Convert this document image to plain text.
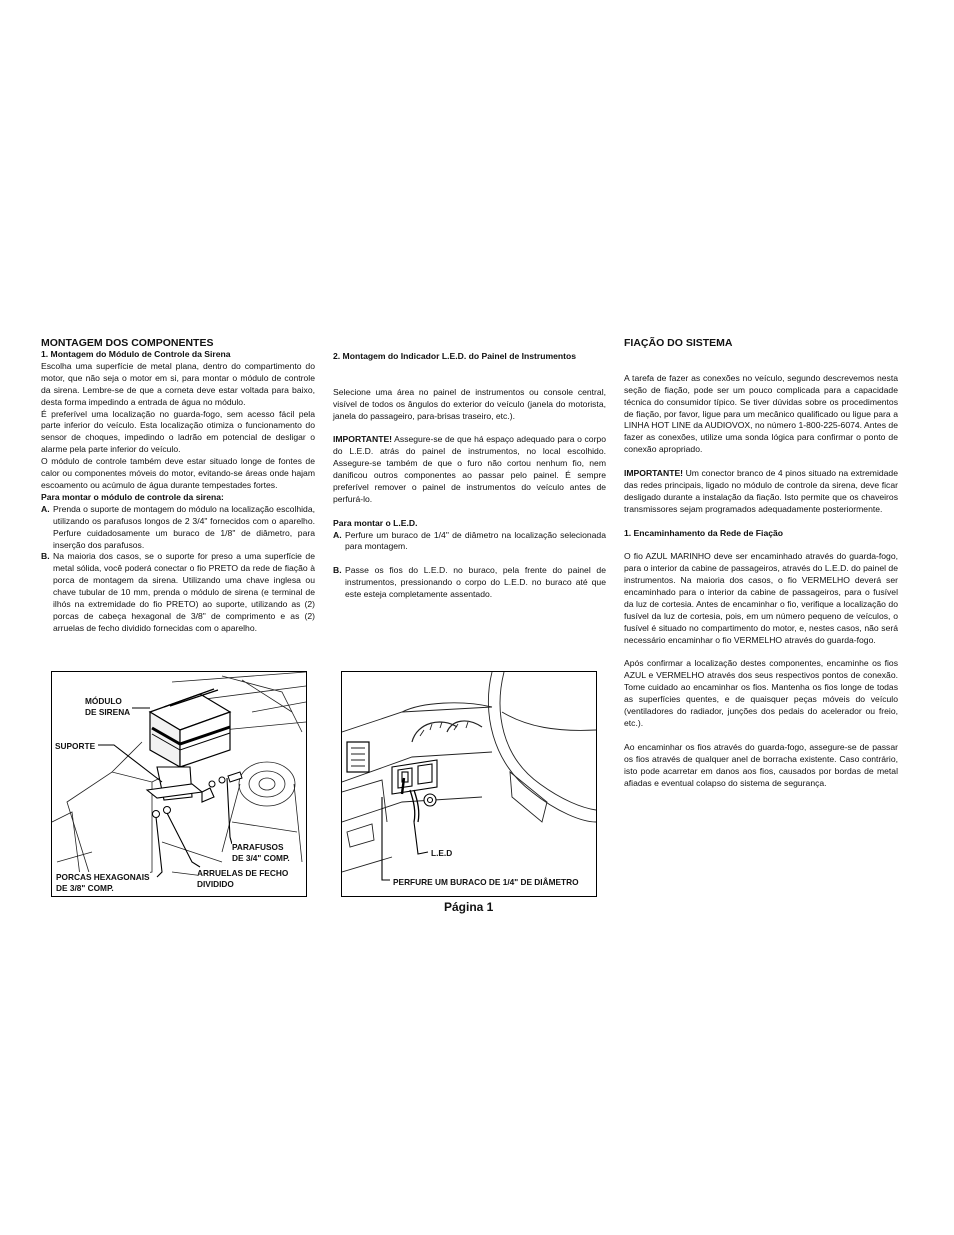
MONTAGEM DOS COMPONENTES

1. Montagem do Módulo de Controle da Sirena

Escolha uma superfície de metal plana, dentro do compartimento do motor, que não seja o motor em si, para montar o módulo de controle da sirena. Lembre-se de que a corneta deve estar voltada para baixo, desta forma impedindo a entrada de água no módulo.

É preferível uma localização no guarda-fogo, sem acesso fácil pela parte inferior do veículo. Esta localização otimiza o funcionamento do sensor de choques, impedindo o ladrão em potencial de desligar o alarme pela parte inferior do veículo.

O módulo de controle também deve estar situado longe de fontes de calor ou componentes móveis do motor, evitando-se áreas onde hajam escoamento ou acúmulo de água durante tempestades fortes.

Para montar o módulo de controle da sirena:

A. Prenda o suporte de montagem do módulo na localização escolhida, utilizando os parafusos longos de 2 3/4" fornecidos com o aparelho. Perfure cuidadosamente um buraco de 1/8" de diâmetro, para inserção dos parafusos.
B. Na maioria dos casos, se o suporte for preso a uma superfície de metal sólida, você poderá conectar o fio PRETO da rede de fiação à porca de montagem da sirena. Utilizando uma chave inglesa ou chave tubular de 10 mm, prenda o módulo de sirena (e terminal de ilhós na extremidade do fio PRETO) ao suporte, utilizando as (2) porcas de cabeça hexagonal de 3/8" de comprimento e as (2) arruelas de fecho dividido fornecidas com o aparelho.

2. Montagem do Indicador L.E.D. do Painel de Instrumentos

Selecione uma área no painel de instrumentos ou console central, visível de todos os ângulos do exterior do veículo (janela do motorista, janela do passageiro, para-brisas traseiro, etc.).

IMPORTANTE! Assegure-se de que há espaço adequado para o corpo do L.E.D. atrás do painel de instrumentos, no local escolhido. Assegure-se também de que o furo não cortou nenhum fio, nem danificou outros componentes ao passar pelo painel. É sempre preferível remover o painel de instrumentos do veículo antes de perfurá-lo.

Para montar o L.E.D.

A. Perfure um buraco de 1/4" de diâmetro na localização selecionada para montagem.
B. Passe os fios do L.E.D. no buraco, pela frente do painel de instrumentos, pressionando o corpo do L.E.D. no buraco até que este esteja completamente assentado.

FIAÇÃO DO SISTEMA

A tarefa de fazer as conexões no veículo, segundo descrevemos nesta seção de fiação, pode ser um pouco complicada para a capacidade técnica do consumidor típico. Se tiver dúvidas sobre os procedimentos de fiação, por favor, ligue para um mecânico qualificado ou ligue para a LINHA HOT LINE da AUDIOVOX, no número 1-800-225-6074. Antes de fazer as conexões, utilize uma sonda lógica para confirmar o ponto de conexão apropriado.

IMPORTANTE! Um conector branco de 4 pinos situado na extremidade das redes principais, ligado no módulo de controle da sirena, deve ficar desligado durante a instalação da fiação. Isto permite que os chaveiros transmissores sejam programados adequadamente posteriormente.

1. Encaminhamento da Rede de Fiação

O fio AZUL MARINHO deve ser encaminhado através do guarda-fogo, para o interior da cabine de passageiros, através do L.E.D. do painel de instrumentos. Na maioria dos casos, o fio VERMELHO deverá ser encaminhado para o interior da cabine de passageiros, para o fusível da luz de cortesia. Antes de encaminhar o fio, verifique a localização do fusível da luz de cortesia, pois, em um número pequeno de veículos, o fusível é situado no compartimento do motor, e, nestes casos, não será necessário encaminhar o fio VERMELHO através do guarda-fogo.

Após confirmar a localização destes componentes, encaminhe os fios AZUL e VERMELHO através dos seus respectivos pontos de conexão. Tome cuidado ao encaminhar os fios. Mantenha os fios longe de todas as superfícies quentes, e de quaisquer peças móveis do veículo (ventiladores do radiador, junções dos pedais do acelerador ou freio, etc.).

Ao encaminhar os fios através do guarda-fogo, assegure-se de passar os fios através de qualquer anel de borracha existente. Caso contrário, isto pode acarretar em danos aos fios, causados por bordas de metal afiadas e eventual colapso do sistema de segurança.

MÓDULO
DE SIRENA
SUPORTE
PARAFUSOS
DE 3/4" COMP.
PORCAS HEXAGONAIS
DE 3/8" COMP.
ARRUELAS DE FECHO
DIVIDIDO
L.E.D
PERFURE UM BURACO DE 1/4" DE DIÂMETRO
Página 1
